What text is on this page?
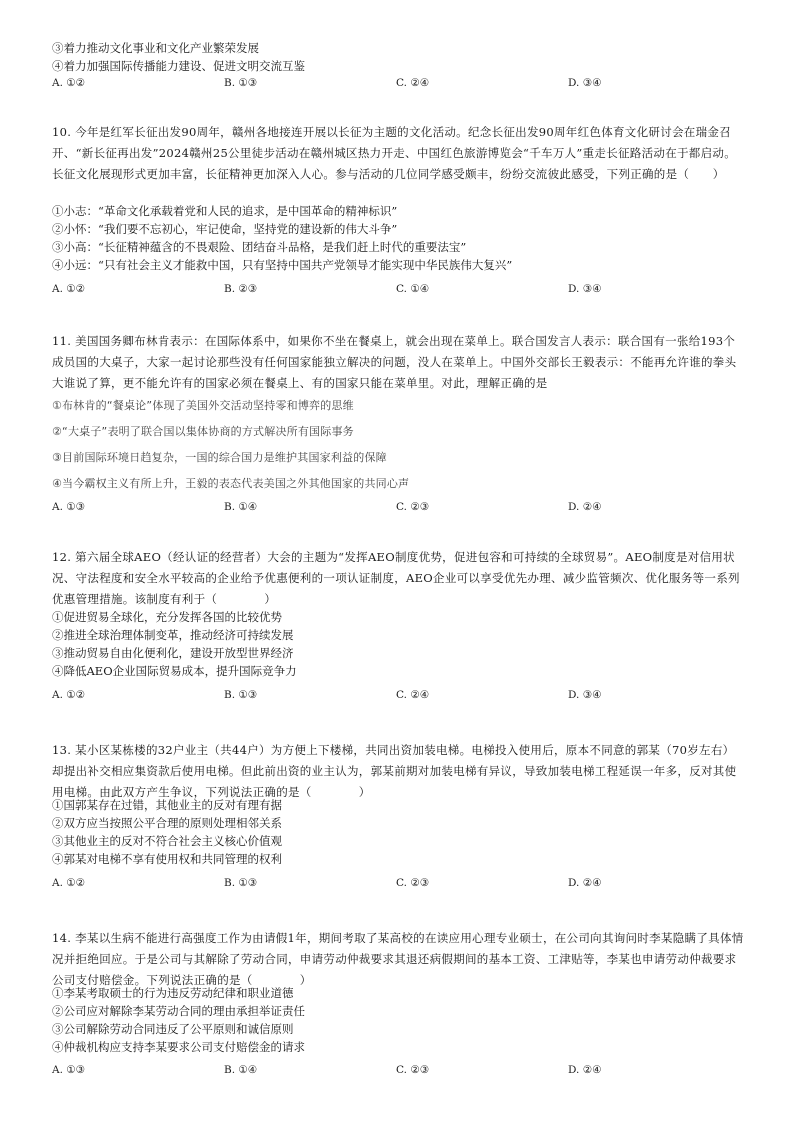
③着力推动文化事业和文化产业繁荣发展
④着力加强国际传播能力建设、促进文明交流互鉴
A. ①②	B. ①③	C. ②④	D. ③④
10. 今年是红军长征出发90周年，赣州各地接连开展以长征为主题的文化活动。纪念长征出发90周年红色体育文化研讨会在瑞金召开、“新长征再出发”2024赣州25公里徒步活动在赣州城区热力开走、中国红色旅游博览会“千车万人”重走长征路活动在于都启动。长征文化展现形式更加丰富，长征精神更加深入人心。参与活动的几位同学感受颇丰，纷纷交流彼此感受，下列正确的是（　　）
①小志：“革命文化承载着党和人民的追求，是中国革命的精神标识”
②小怀：“我们要不忘初心，牢记使命，坚持党的建设新的伟大斗争”
③小高：“长征精神蕴含的不畏艰险、团结奋斗品格，是我们赶上时代的重要法宝”
④小远：“只有社会主义才能救中国，只有坚持中国共产党领导才能实现中华民族伟大复兴”
A. ①②	B. ②③	C. ①④	D. ③④
11. 美国国务卿布林肯表示：在国际体系中，如果你不坐在餐桌上，就会出现在菜单上。联合国发言人表示：联合国有一张给193个成员国的大桌子，大家一起讨论那些没有任何国家能独立解决的问题，没人在菜单上。中国外交部长王毅表示：不能再允许谁的拳头大谁说了算，更不能允许有的国家必须在餐桌上、有的国家只能在菜单里。对此，理解正确的是
①布林肯的“餐桌论”体现了美国外交活动坚持零和博弈的思维
②“大桌子”表明了联合国以集体协商的方式解决所有国际事务
③目前国际环境日趋复杂，一国的综合国力是维护其国家利益的保障
④当今霸权主义有所上升，王毅的表态代表美国之外其他国家的共同心声
A. ①③	B. ①④	C. ②③	D. ②④
12. 第六届全球AEO（经认证的经营者）大会的主题为“发挥AEO制度优势，促进包容和可持续的全球贸易”。AEO制度是对信用状况、守法程度和安全水平较高的企业给予优惠便利的一项认证制度，AEO企业可以享受优先办理、减少监管频次、优化服务等一系列优惠管理措施。该制度有利于（　　　　）
①促进贸易全球化，充分发挥各国的比较优势
②推进全球治理体制变革，推动经济可持续发展
③推动贸易自由化便利化，建设开放型世界经济
④降低AEO企业国际贸易成本，提升国际竞争力
A. ①②	B. ①③	C. ②④	D. ③④
13. 某小区某栋楼的32户业主（共44户）为方便上下楼梯，共同出资加装电梯。电梯投入使用后，原本不同意的郭某（70岁左右）却提出补交相应集资款后使用电梯。但此前出资的业主认为，郭某前期对加装电梯有异议，导致加装电梯工程延误一年多，反对其使用电梯。由此双方产生争议，下列说法正确的是（　　　　）
①国郭某存在过错，其他业主的反对有理有据
②双方应当按照公平合理的原则处理相邻关系
③其他业主的反对不符合社会主义核心价值观
④郭某对电梯不享有使用权和共同管理的权利
A. ①②	B. ①③	C. ②③	D. ②④
14. 李某以生病不能进行高强度工作为由请假1年，期间考取了某高校的在读应用心理专业硕士，在公司向其询问时李某隐瞒了具体情况并拒绝回应。于是公司与其解除了劳动合同，申请劳动仲裁要求其退还病假期间的基本工资、工津贴等，李某也申请劳动仲裁要求公司支付赔偿金。下列说法正确的是（　　　　）
①李某考取硕士的行为违反劳动纪律和职业道德
②公司应对解除李某劳动合同的理由承担举证责任
③公司解除劳动合同违反了公平原则和诚信原则
④仲裁机构应支持李某要求公司支付赔偿金的请求
A. ①③	B. ①④	C. ②③	D. ②④
